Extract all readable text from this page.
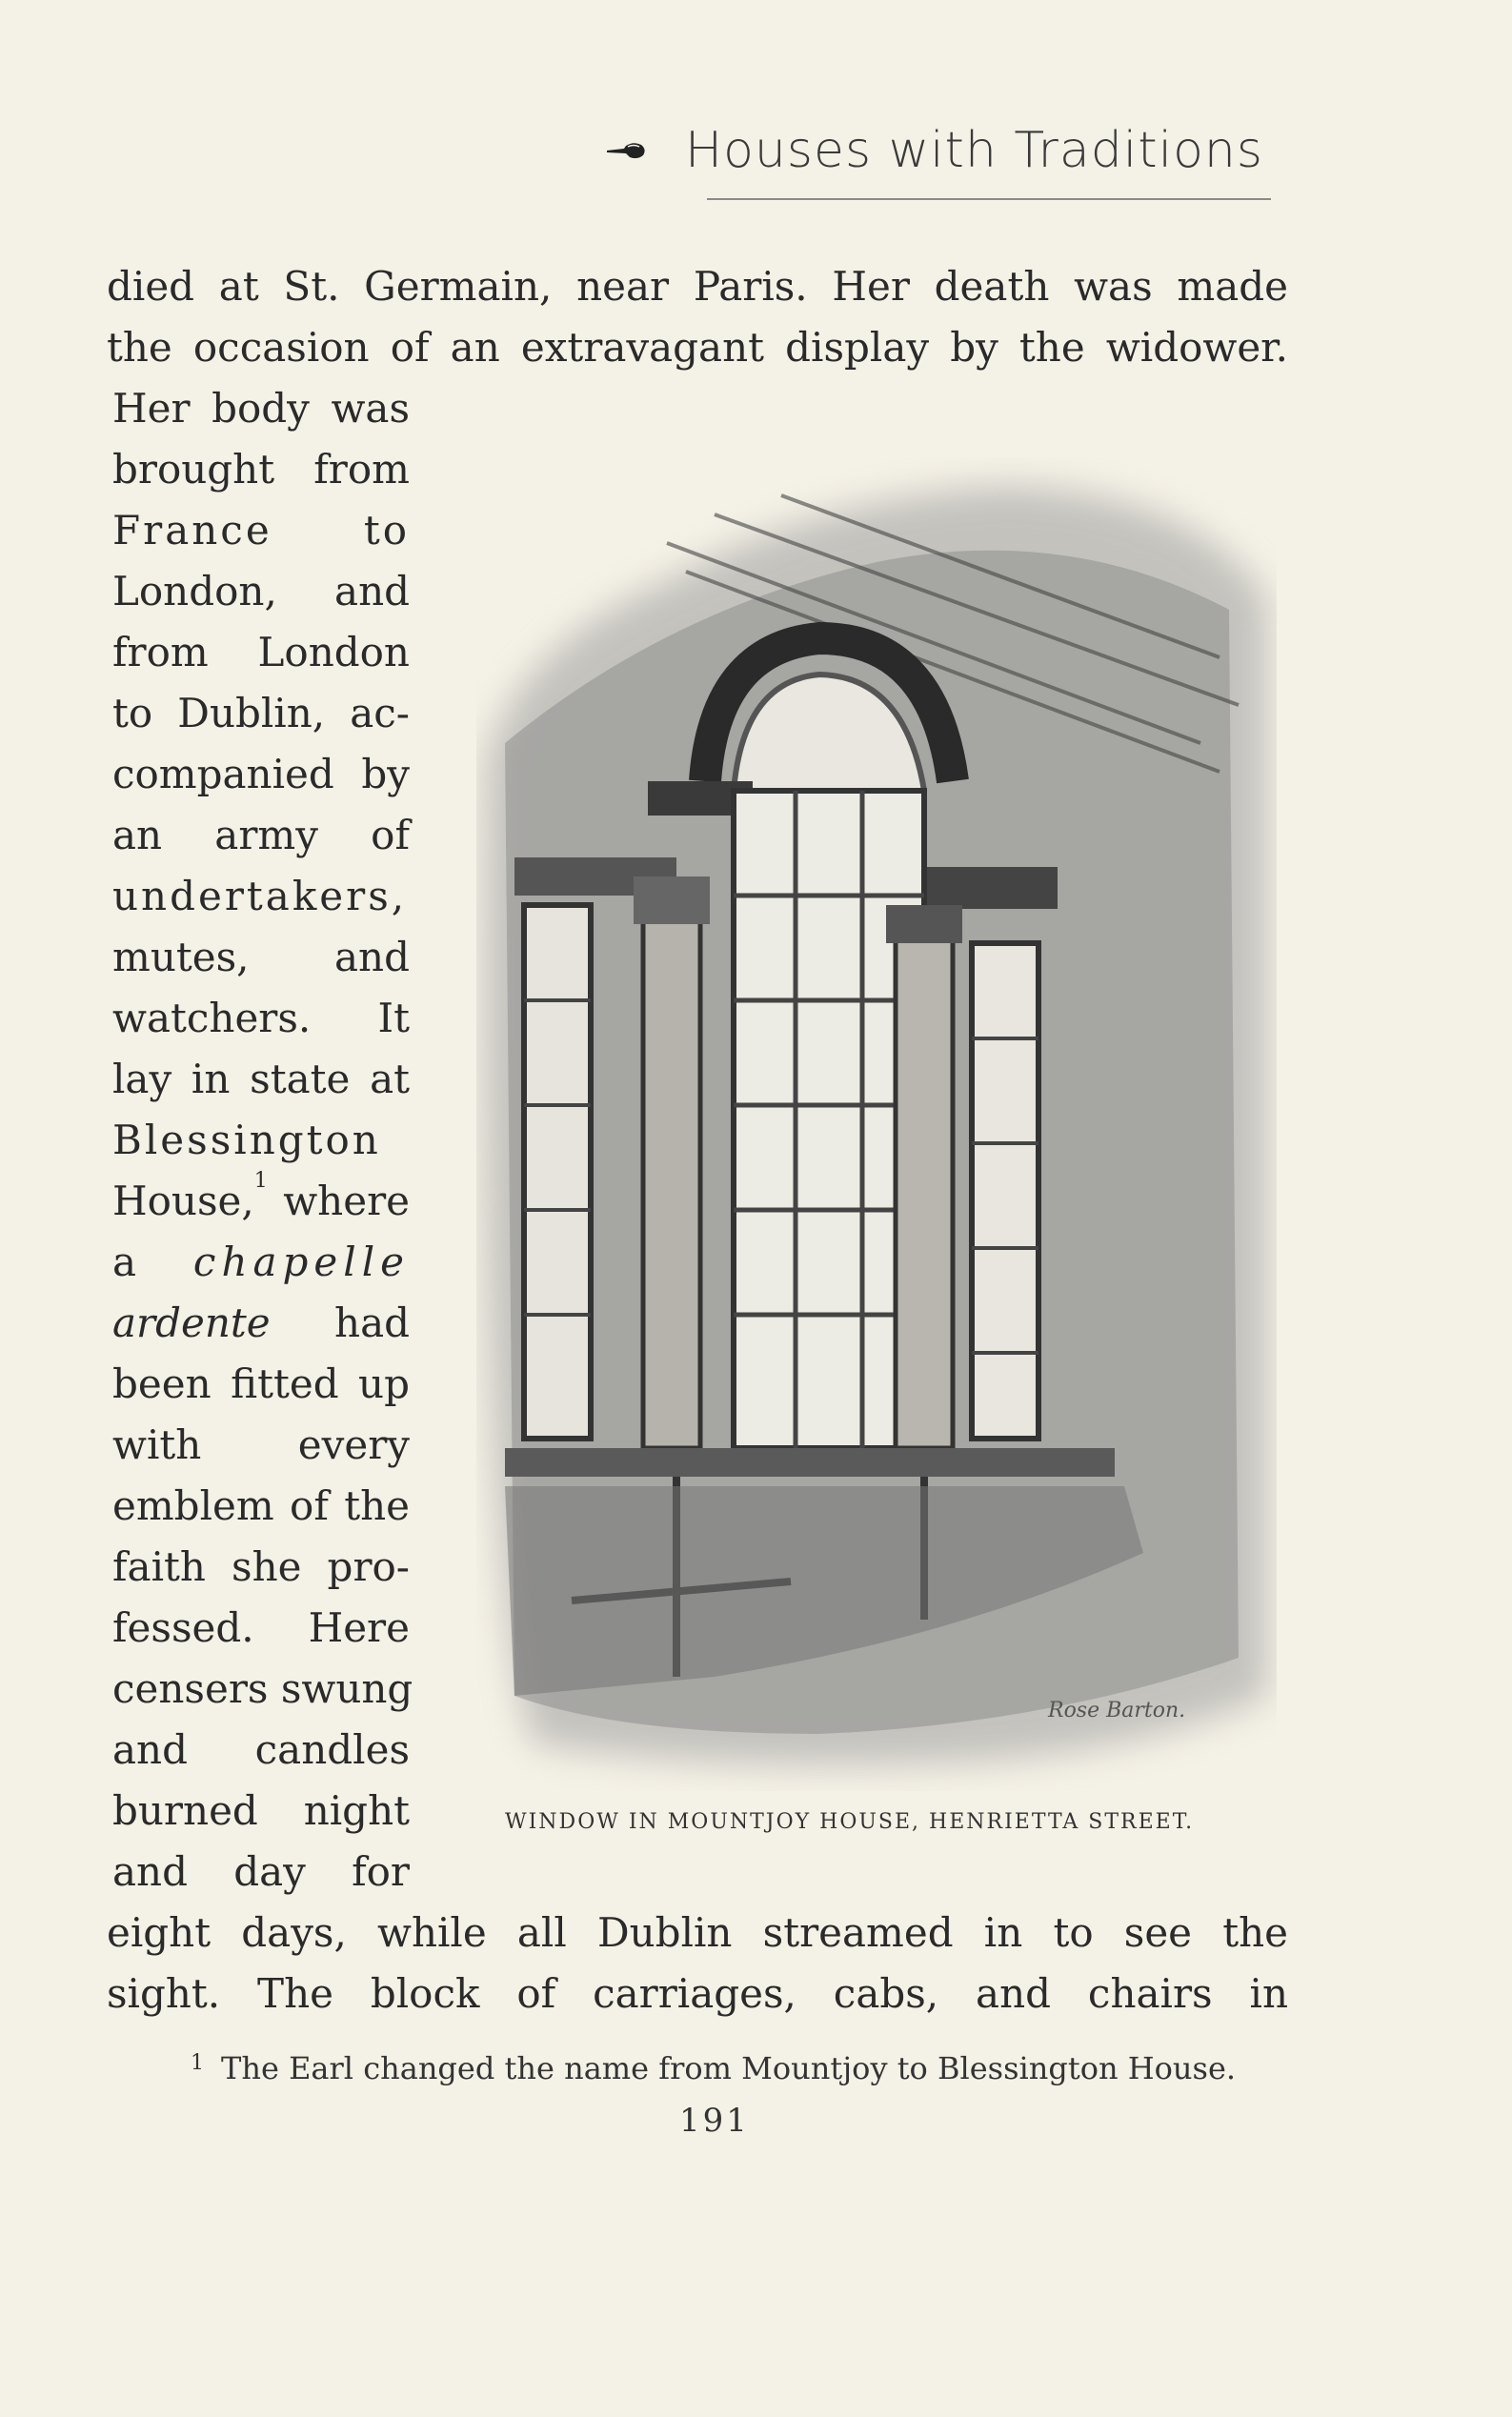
Houses with Traditions
died at St. Germain, near Paris. Her death was made
the occasion of an extravagant display by the widower.
Her body was
brought from
France to
London, and
from London
to Dublin, ac-
companied by
an army of
undertakers,
mutes, and
watchers. It
lay in state at
Blessington
House,$^1$ where
a chapelle
ardente had
been fitted up
with every
emblem of the
faith she pro-
fessed. Here
censers swung
and candles
burned night
and day for
eight days, while all Dublin streamed in to see the
sight. The block of carriages, cabs, and chairs in
Rose Barton.
WINDOW IN MOUNTJOY HOUSE, HENRIETTA STREET.
$^1$ The Earl changed the name from Mountjoy to Blessington House.
191
